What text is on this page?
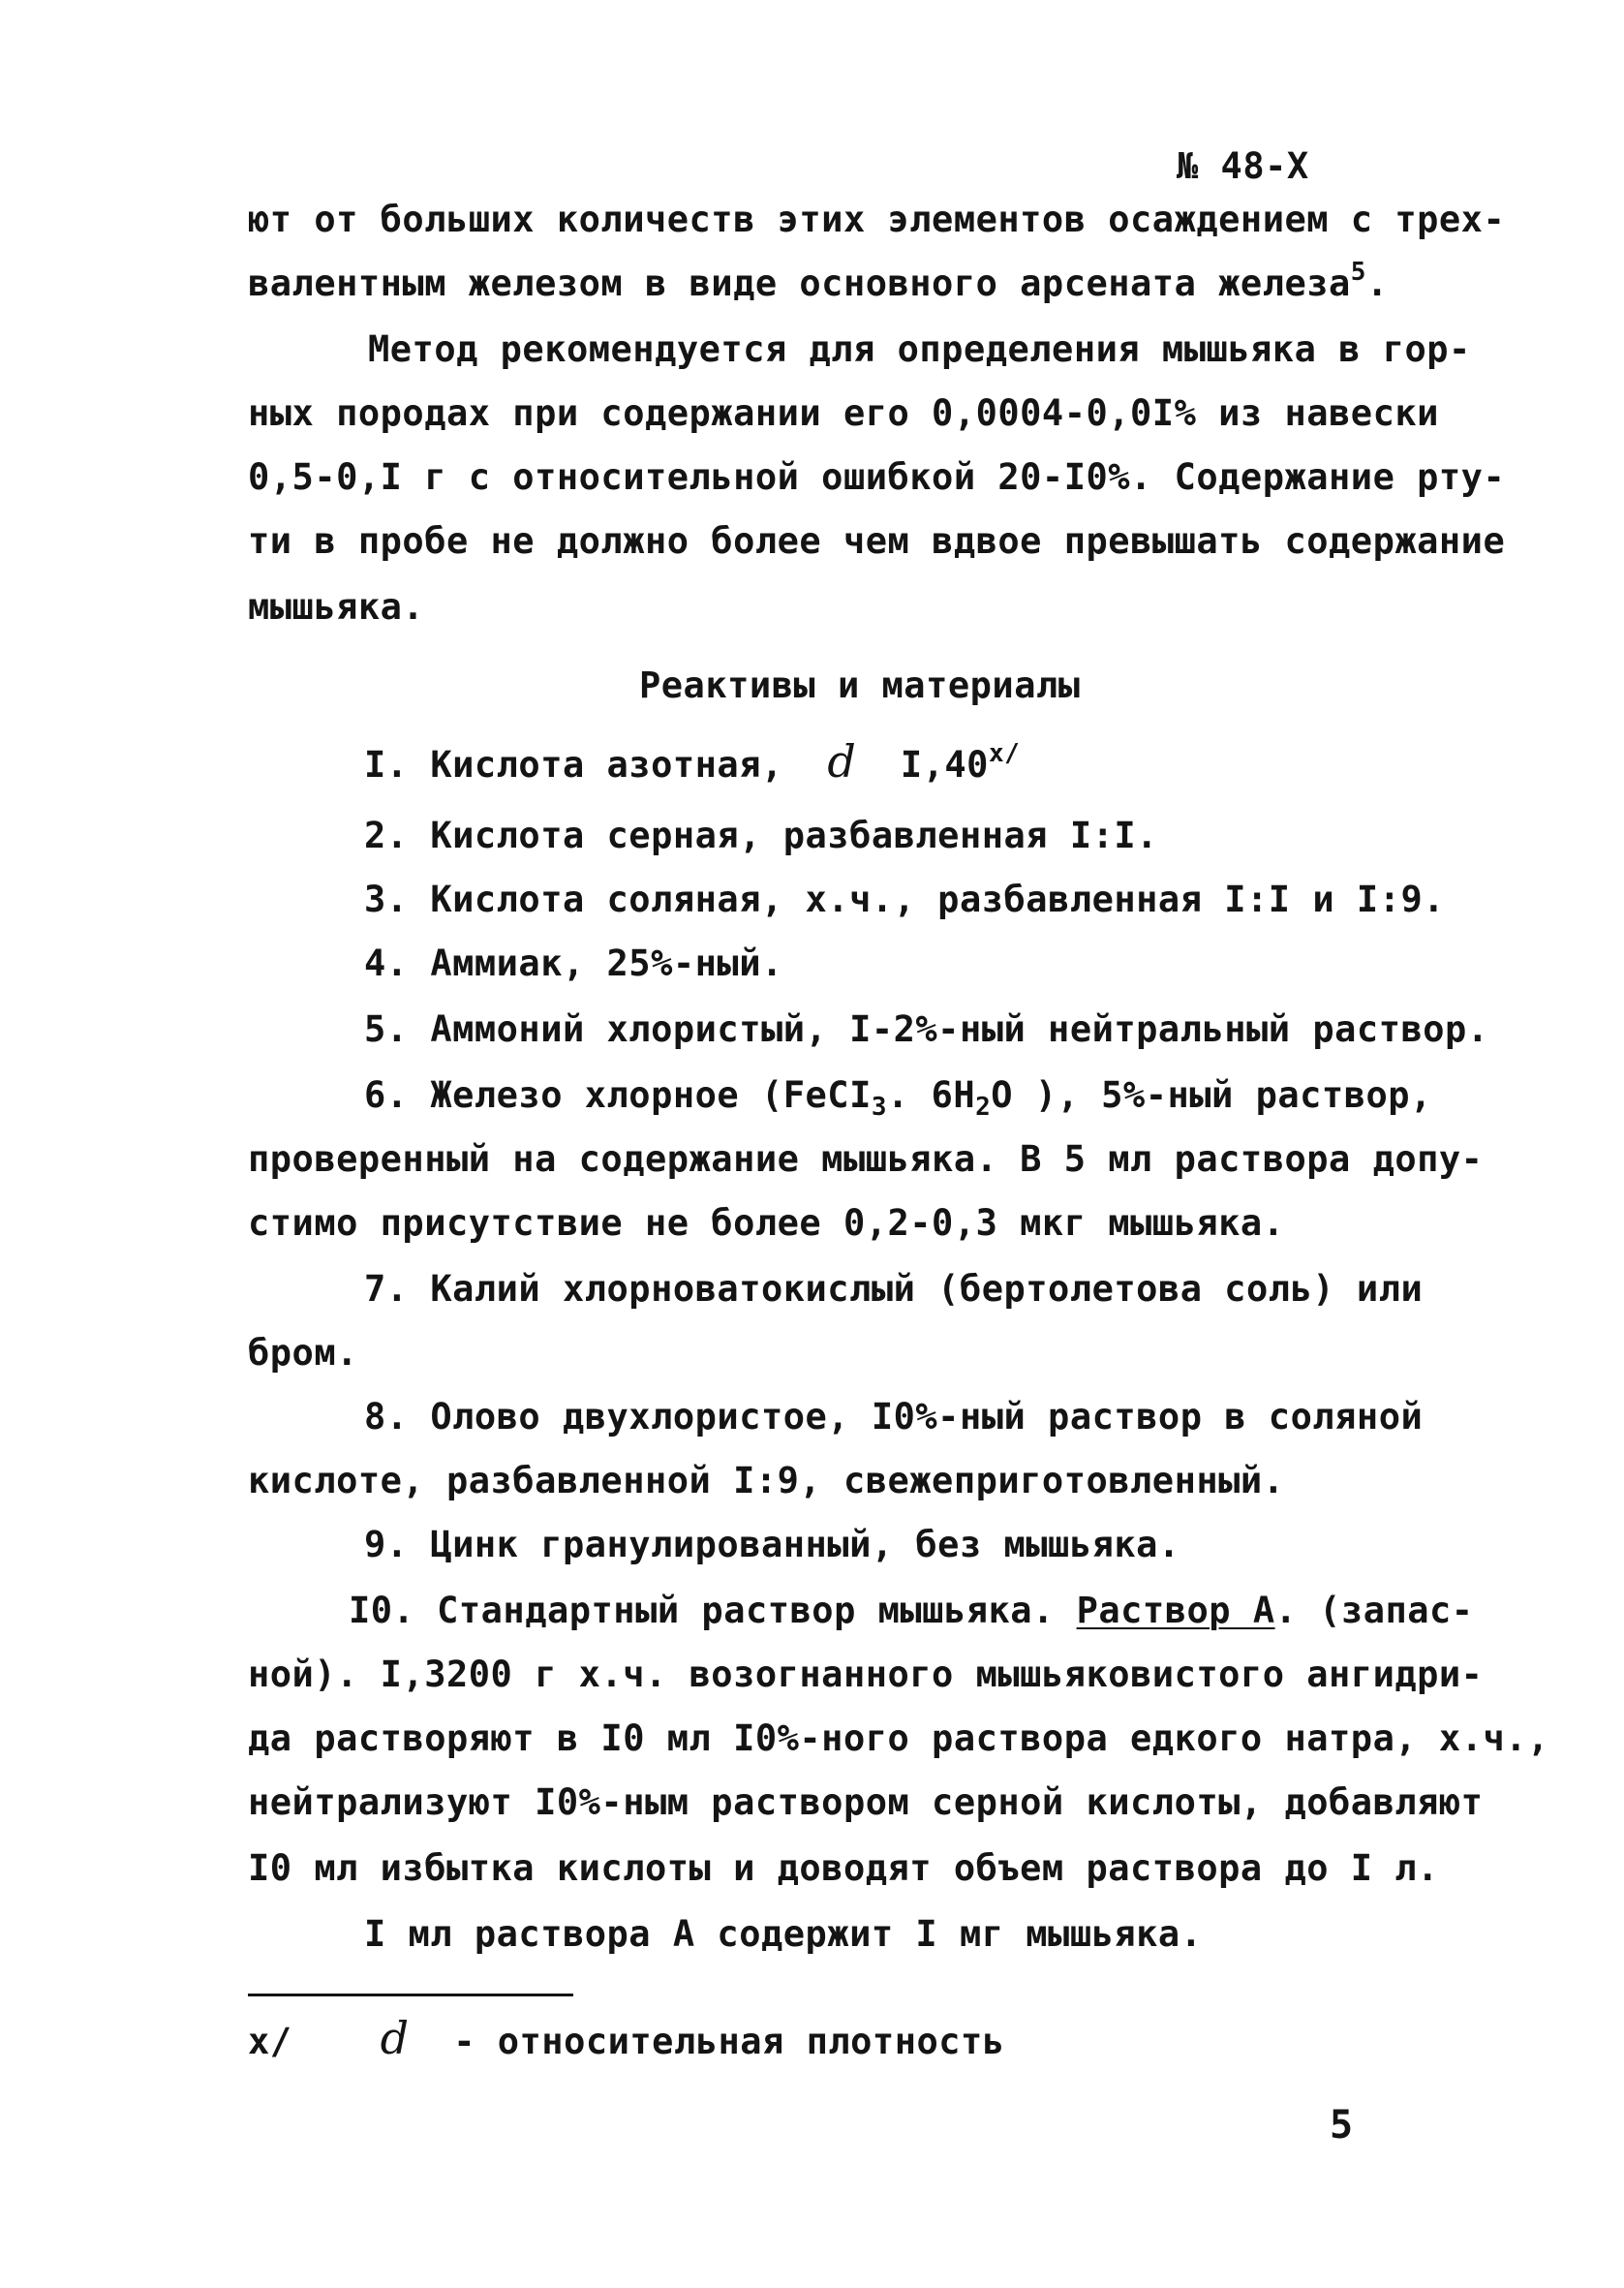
№ 48-Х
ют от больших количеств этих элементов осаждением с трех-
валентным железом в виде основного арсената железа$^5$.
Метод рекомендуется для определения мышьяка в гор-
ных породах при содержании его 0,0004-0,0I% из навески
0,5-0,I г с относительной ошибкой 20-I0%. Содержание рту-
ти в пробе не должно более чем вдвое превышать содержание
мышьяка.
Реактивы и материалы
I. Кислота азотная, d $I,40^{x/}$
2. Кислота серная, разбавленная I:I.
3. Кислота соляная, х.ч., разбавленная I:I и I:9.
4. Аммиак, 25%-ный.
5. Аммоний хлористый, I-2%-ный нейтральный раствор.
6. Железо хлорное (FeCI$_3$. $6H_2O$ ), 5%-ный раствор,
проверенный на содержание мышьяка. В 5 мл раствора допу-
стимо присутствие не более 0,2-0,3 мкг мышьяка.
7. Калий хлорноватокислый (бертолетова соль) или
бром.
8. Олово двухлористое, I0%-ный раствор в соляной
кислоте, разбавленной I:9, свежеприготовленный.
9. Цинк гранулированный, без мышьяка.
I0. Стандартный раствор мышьяка. Раствор А. (запас-
ной). I,3200 г х.ч. возогнанного мышьяковистого ангидри-
да растворяют в I0 мл I0%-ного раствора едкого натра, х.ч.,
нейтрализуют I0%-ным раствором серной кислоты, добавляют
I0 мл избытка кислоты и доводят объем раствора до I л.
I мл раствора А содержит I мг мышьяка.
x/ d - относительная плотность
5
